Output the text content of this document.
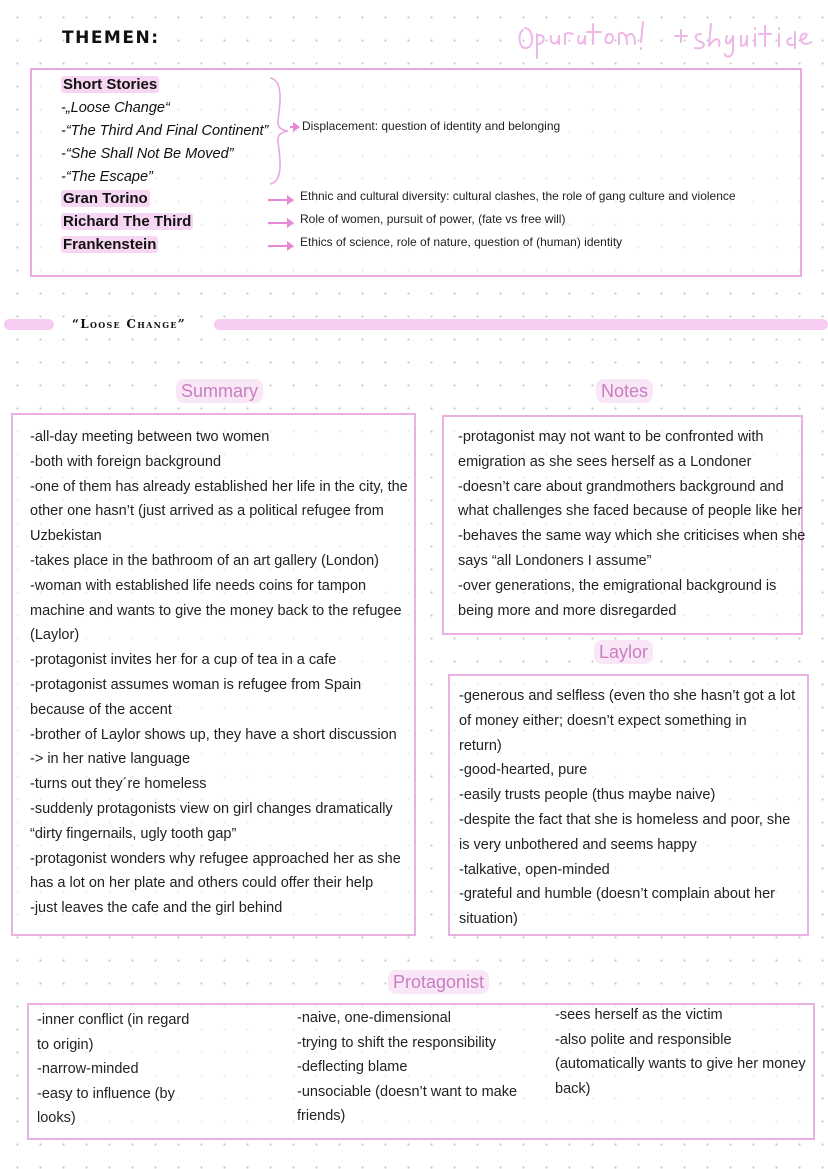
THEMEN:
Short Stories
-„Loose Change“
-“The Third And Final Continent”
-“She Shall Not Be Moved”
-“The Escape”
Displacement: question of identity and belonging
Gran Torino	Ethnic and cultural diversity: cultural clashes, the role of gang culture and violence
Richard The Third	Role of women, pursuit of power, (fate vs free will)
Frankenstein	Ethics of science, role of nature, question of (human) identity
“Loose Change”
Summary
-all-day meeting between two women
-both with foreign background
-one of them has already established her life in the city, the
other one hasn’t (just arrived as a political refugee from
Uzbekistan
-takes place in the bathroom of an art gallery (London)
-woman with established life needs coins for tampon
machine and wants to give the money back to the refugee
(Laylor)
-protagonist invites her for a cup of tea in a cafe
-protagonist assumes woman is refugee from Spain
because of the accent
-brother of Laylor shows up, they have a short discussion
-> in her native language
-turns out they´re homeless
-suddenly protagonists view on girl changes dramatically
“dirty fingernails, ugly tooth gap”
-protagonist wonders why refugee approached her as she
has a lot on her plate and others could offer their help
-just leaves the cafe and the girl behind
Notes
-protagonist may not want to be confronted with
emigration as she sees herself as a Londoner
-doesn’t care about grandmothers background and
what challenges she faced because of people like her
-behaves the same way which she criticises when she
says “all Londoners I assume”
-over generations, the emigrational background is
being more and more disregarded
Laylor
-generous and selfless (even tho she hasn’t got a lot
of money either; doesn’t expect something in
return)
-good-hearted, pure
-easily trusts people (thus maybe naive)
-despite the fact that she is homeless and poor, she
is very unbothered and seems happy
-talkative, open-minded
-grateful and humble (doesn’t complain about her
situation)
Protagonist
-inner conflict (in regard
to origin)
-narrow-minded
-easy to influence (by
looks)
-naive, one-dimensional
-trying to shift the responsibility
-deflecting blame
-unsociable (doesn’t want to make
friends)
-sees herself as the victim
-also polite and responsible
(automatically wants to give her money
back)
